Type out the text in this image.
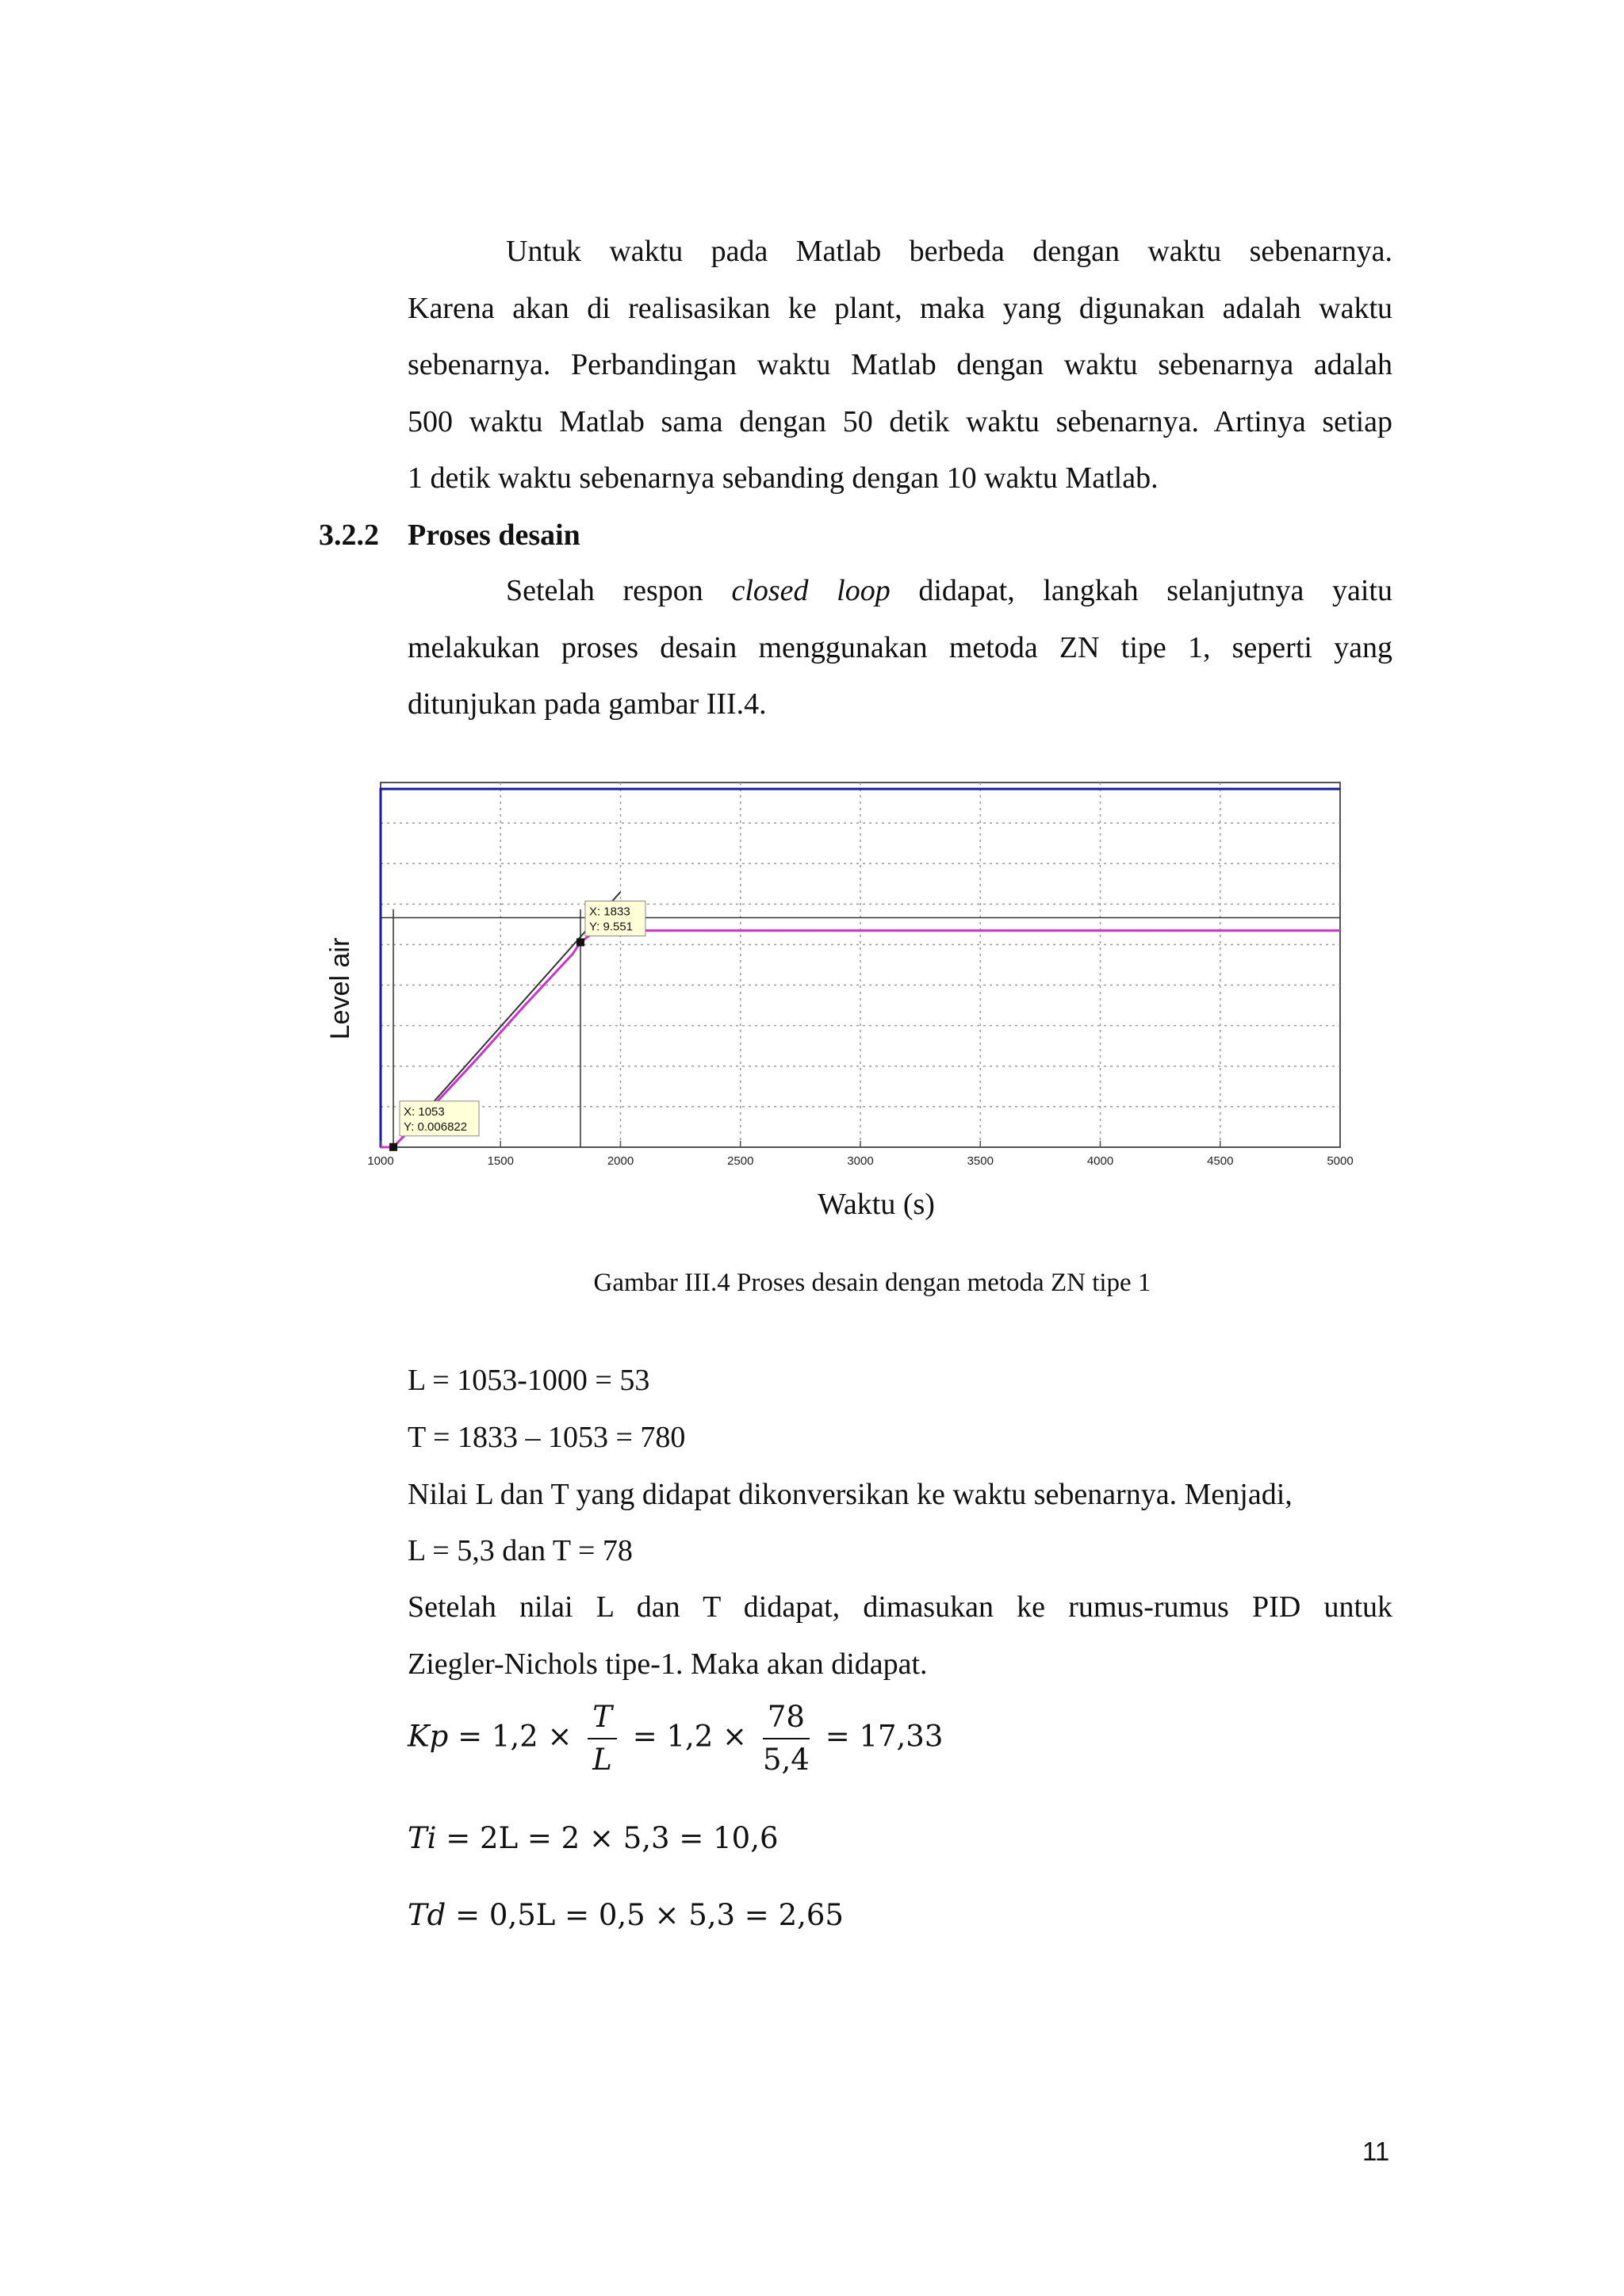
Untuk waktu pada Matlab berbeda dengan waktu sebenarnya.
Karena akan di realisasikan ke plant, maka yang digunakan adalah waktu
sebenarnya. Perbandingan waktu Matlab dengan waktu sebenarnya adalah
500 waktu Matlab sama dengan 50 detik waktu sebenarnya. Artinya setiap
1 detik waktu sebenarnya sebanding dengan 10 waktu Matlab.
3.2.2 Proses desain
Setelah respon closed loop didapat, langkah selanjutnya yaitu
melakukan proses desain menggunakan metoda ZN tipe 1, seperti yang
ditunjukan pada gambar III.4.
X: 1053
Y: 0.006822
X: 1833
Y: 9.551
1000	1500	2000	2500	3000	3500	4000	4500	5000
Level air
Waktu (s)
Gambar III.4 Proses desain dengan metoda ZN tipe 1
L = 1053-1000 = 53
T = 1833 – 1053 = 780
Nilai L dan T yang didapat dikonversikan ke waktu sebenarnya. Menjadi,
L = 5,3 dan T = 78
Setelah nilai L dan T didapat, dimasukan ke rumus-rumus PID untuk
Ziegler-Nichols tipe-1. Maka akan didapat.
$Kp = 1,2 \times \frac{T}{L} = 1,2 \times \frac{78}{5,4} = 17,33$
Ti = 2L = 2 × 5,3 = 10,6
Td = 0,5L = 0,5 × 5,3 = 2,65
11
